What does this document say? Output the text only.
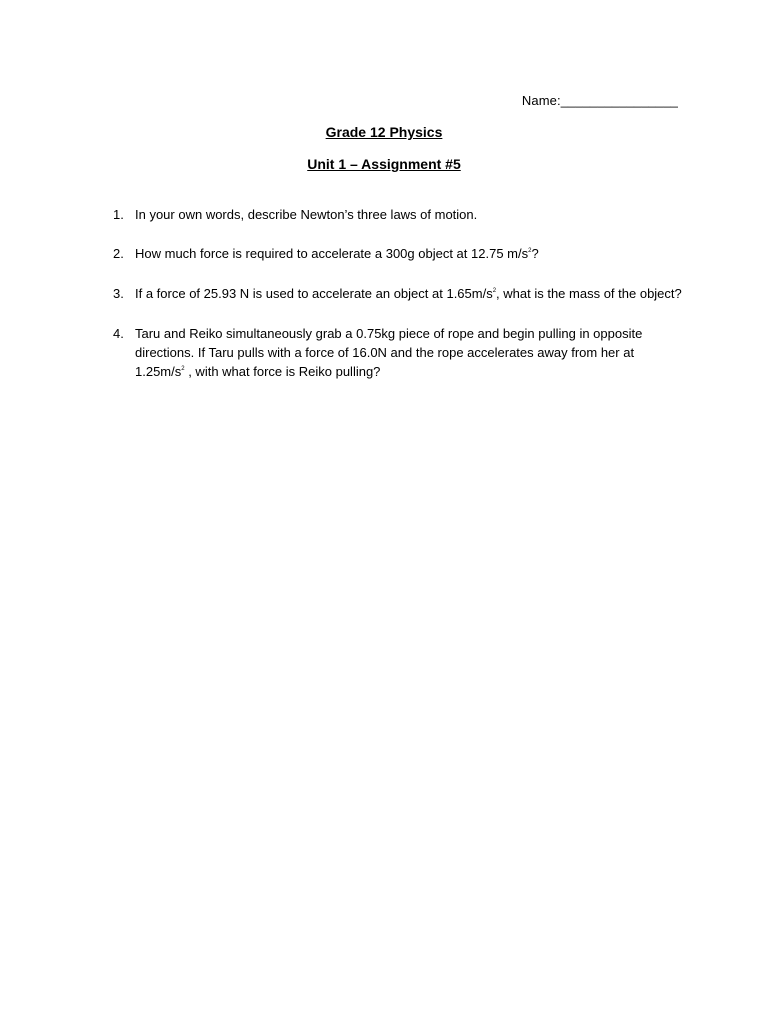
Name:________________
Grade 12 Physics
Unit 1 – Assignment #5
1. In your own words, describe Newton’s three laws of motion.
2. How much force is required to accelerate a 300g object at 12.75 $m/s^2$?
3. If a force of 25.93 N is used to accelerate an object at $1.65m/s^2$, what is the mass of the object?
4. Taru and Reiko simultaneously grab a 0.75kg piece of rope and begin pulling in opposite directions. If Taru pulls with a force of 16.0N and the rope accelerates away from her at $1.25m/s^2$ , with what force is Reiko pulling?
